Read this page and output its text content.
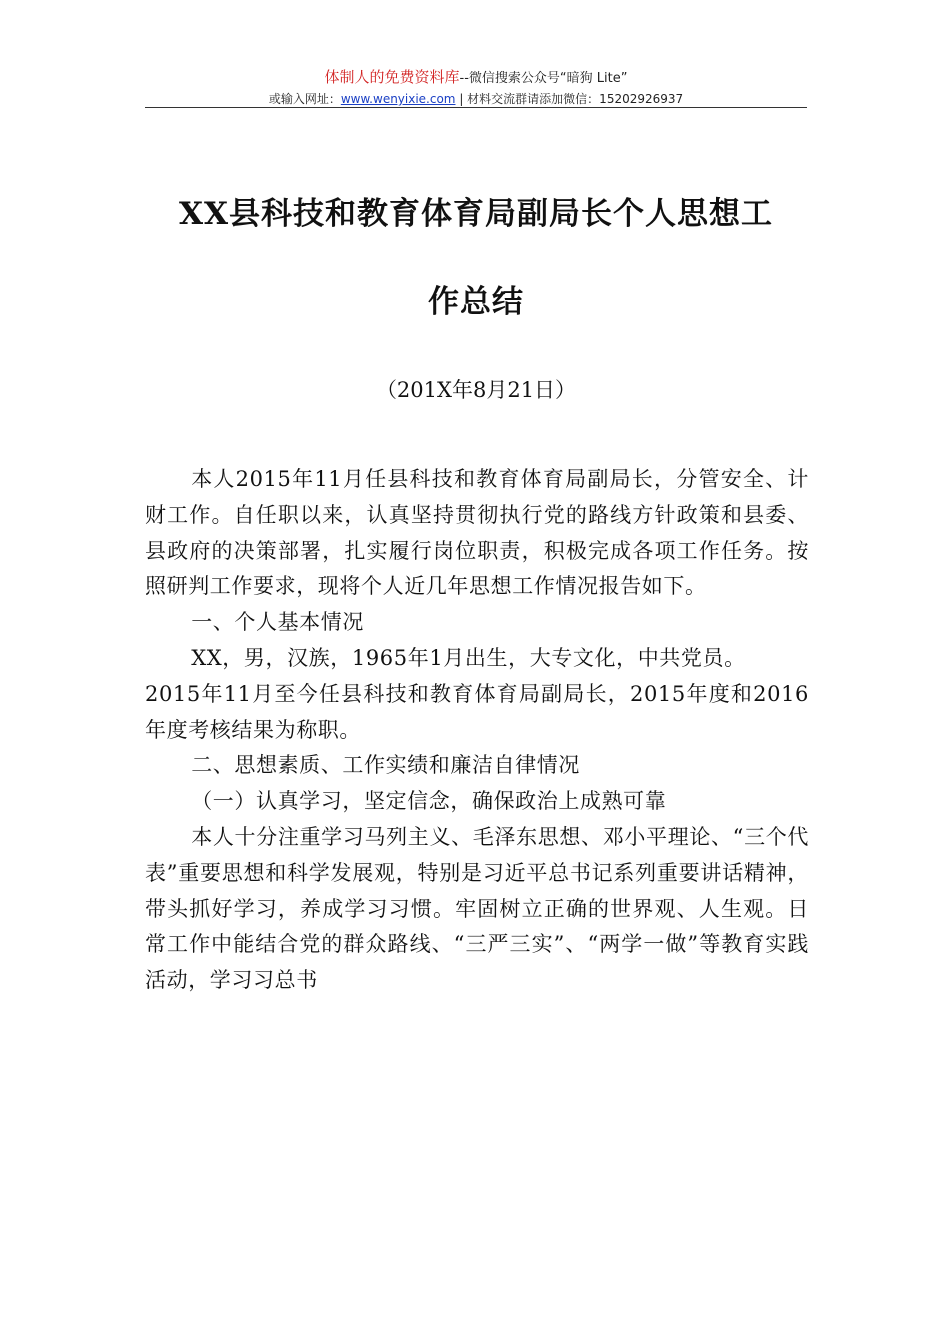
体制人的免费资料库--微信搜索公众号“暗狗 Lite”
或输入网址：www.wenyixie.com | 材料交流群请添加微信：15202926937
XX县科技和教育体育局副局长个人思想工
作总结
（201X年8月21日）

本人2015年11月任县科技和教育体育局副局长，分管安全、计财工作。自任职以来，认真坚持贯彻执行党的路线方针政策和县委、县政府的决策部署，扎实履行岗位职责，积极完成各项工作任务。按照研判工作要求，现将个人近几年思想工作情况报告如下。

一、个人基本情况

XX，男，汉族，1965年1月出生，大专文化，中共党员。

2015年11月至今任县科技和教育体育局副局长，2015年度和2016年度考核结果为称职。

二、思想素质、工作实绩和廉洁自律情况

（一）认真学习，坚定信念，确保政治上成熟可靠

本人十分注重学习马列主义、毛泽东思想、邓小平理论、“三个代表”重要思想和科学发展观，特别是习近平总书记系列重要讲话精神，带头抓好学习，养成学习习惯。牢固树立正确的世界观、人生观。日常工作中能结合党的群众路线、“三严三实”、“两学一做”等教育实践活动，学习习总书
